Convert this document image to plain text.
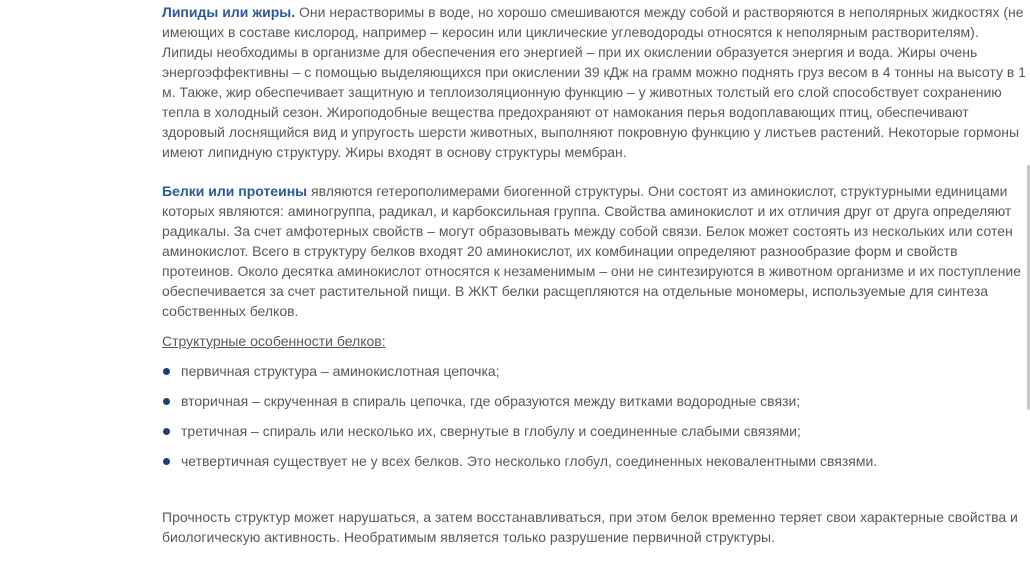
Липиды или жиры. Они нерастворимы в воде, но хорошо смешиваются между собой и растворяются в неполярных жидкостях (не имеющих в составе кислород, например – керосин или циклические углеводороды относятся к неполярным растворителям). Липиды необходимы в организме для обеспечения его энергией – при их окислении образуется энергия и вода. Жиры очень энергоэффективны – с помощью выделяющихся при окислении 39 кДж на грамм можно поднять груз весом в 4 тонны на высоту в 1 м. Также, жир обеспечивает защитную и теплоизоляционную функцию – у животных толстый его слой способствует сохранению тепла в холодный сезон. Жироподобные вещества предохраняют от намокания перья водоплавающих птиц, обеспечивают здоровый лоснящийся вид и упругость шерсти животных, выполняют покровную функцию у листьев растений. Некоторые гормоны имеют липидную структуру. Жиры входят в основу структуры мембран.

Белки или протеины являются гетерополимерами биогенной структуры. Они состоят из аминокислот, структурными единицами которых являются: аминогруппа, радикал, и карбоксильная группа. Свойства аминокислот и их отличия друг от друга определяют радикалы. За счет амфотерных свойств – могут образовывать между собой связи. Белок может состоять из нескольких или сотен аминокислот. Всего в структуру белков входят 20 аминокислот, их комбинации определяют разнообразие форм и свойств протеинов. Около десятка аминокислот относятся к незаменимым – они не синтезируются в животном организме и их поступление обеспечивается за счет растительной пищи. В ЖКТ белки расщепляются на отдельные мономеры, используемые для синтеза собственных белков.

Структурные особенности белков:

первичная структура – аминокислотная цепочка;
вторичная – скрученная в спираль цепочка, где образуются между витками водородные связи;
третичная – спираль или несколько их, свернутые в глобулу и соединенные слабыми связями;
четвертичная существует не у всех белков. Это несколько глобул, соединенных нековалентными связями.

Прочность структур может нарушаться, а затем восстанавливаться, при этом белок временно теряет свои характерные свойства и биологическую активность. Необратимым является только разрушение первичной структуры.
